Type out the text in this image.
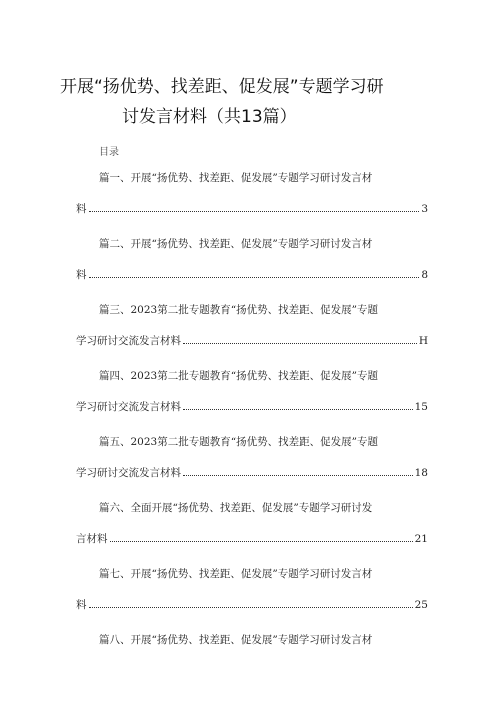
开展“扬优势、找差距、促发展”专题学习研
讨发言材料（共13篇）
目录
篇一、开展“扬优势、找差距、促发展”专题学习研讨发言材
料	3
篇二、开展“扬优势、找差距、促发展”专题学习研讨发言材
料	8
篇三、2023第二批专题教育“扬优势、找差距、促发展”专题
学习研讨交流发言材料	H
篇四、2023第二批专题教育“扬优势、找差距、促发展”专题
学习研讨交流发言材料	15
篇五、2023第二批专题教育“扬优势、找差距、促发展”专题
学习研讨交流发言材料	18
篇六、全面开展“扬优势、找差距、促发展”专题学习研讨发
言材料	21
篇七、开展“扬优势、找差距、促发展”专题学习研讨发言材
料	25
篇八、开展“扬优势、找差距、促发展”专题学习研讨发言材
